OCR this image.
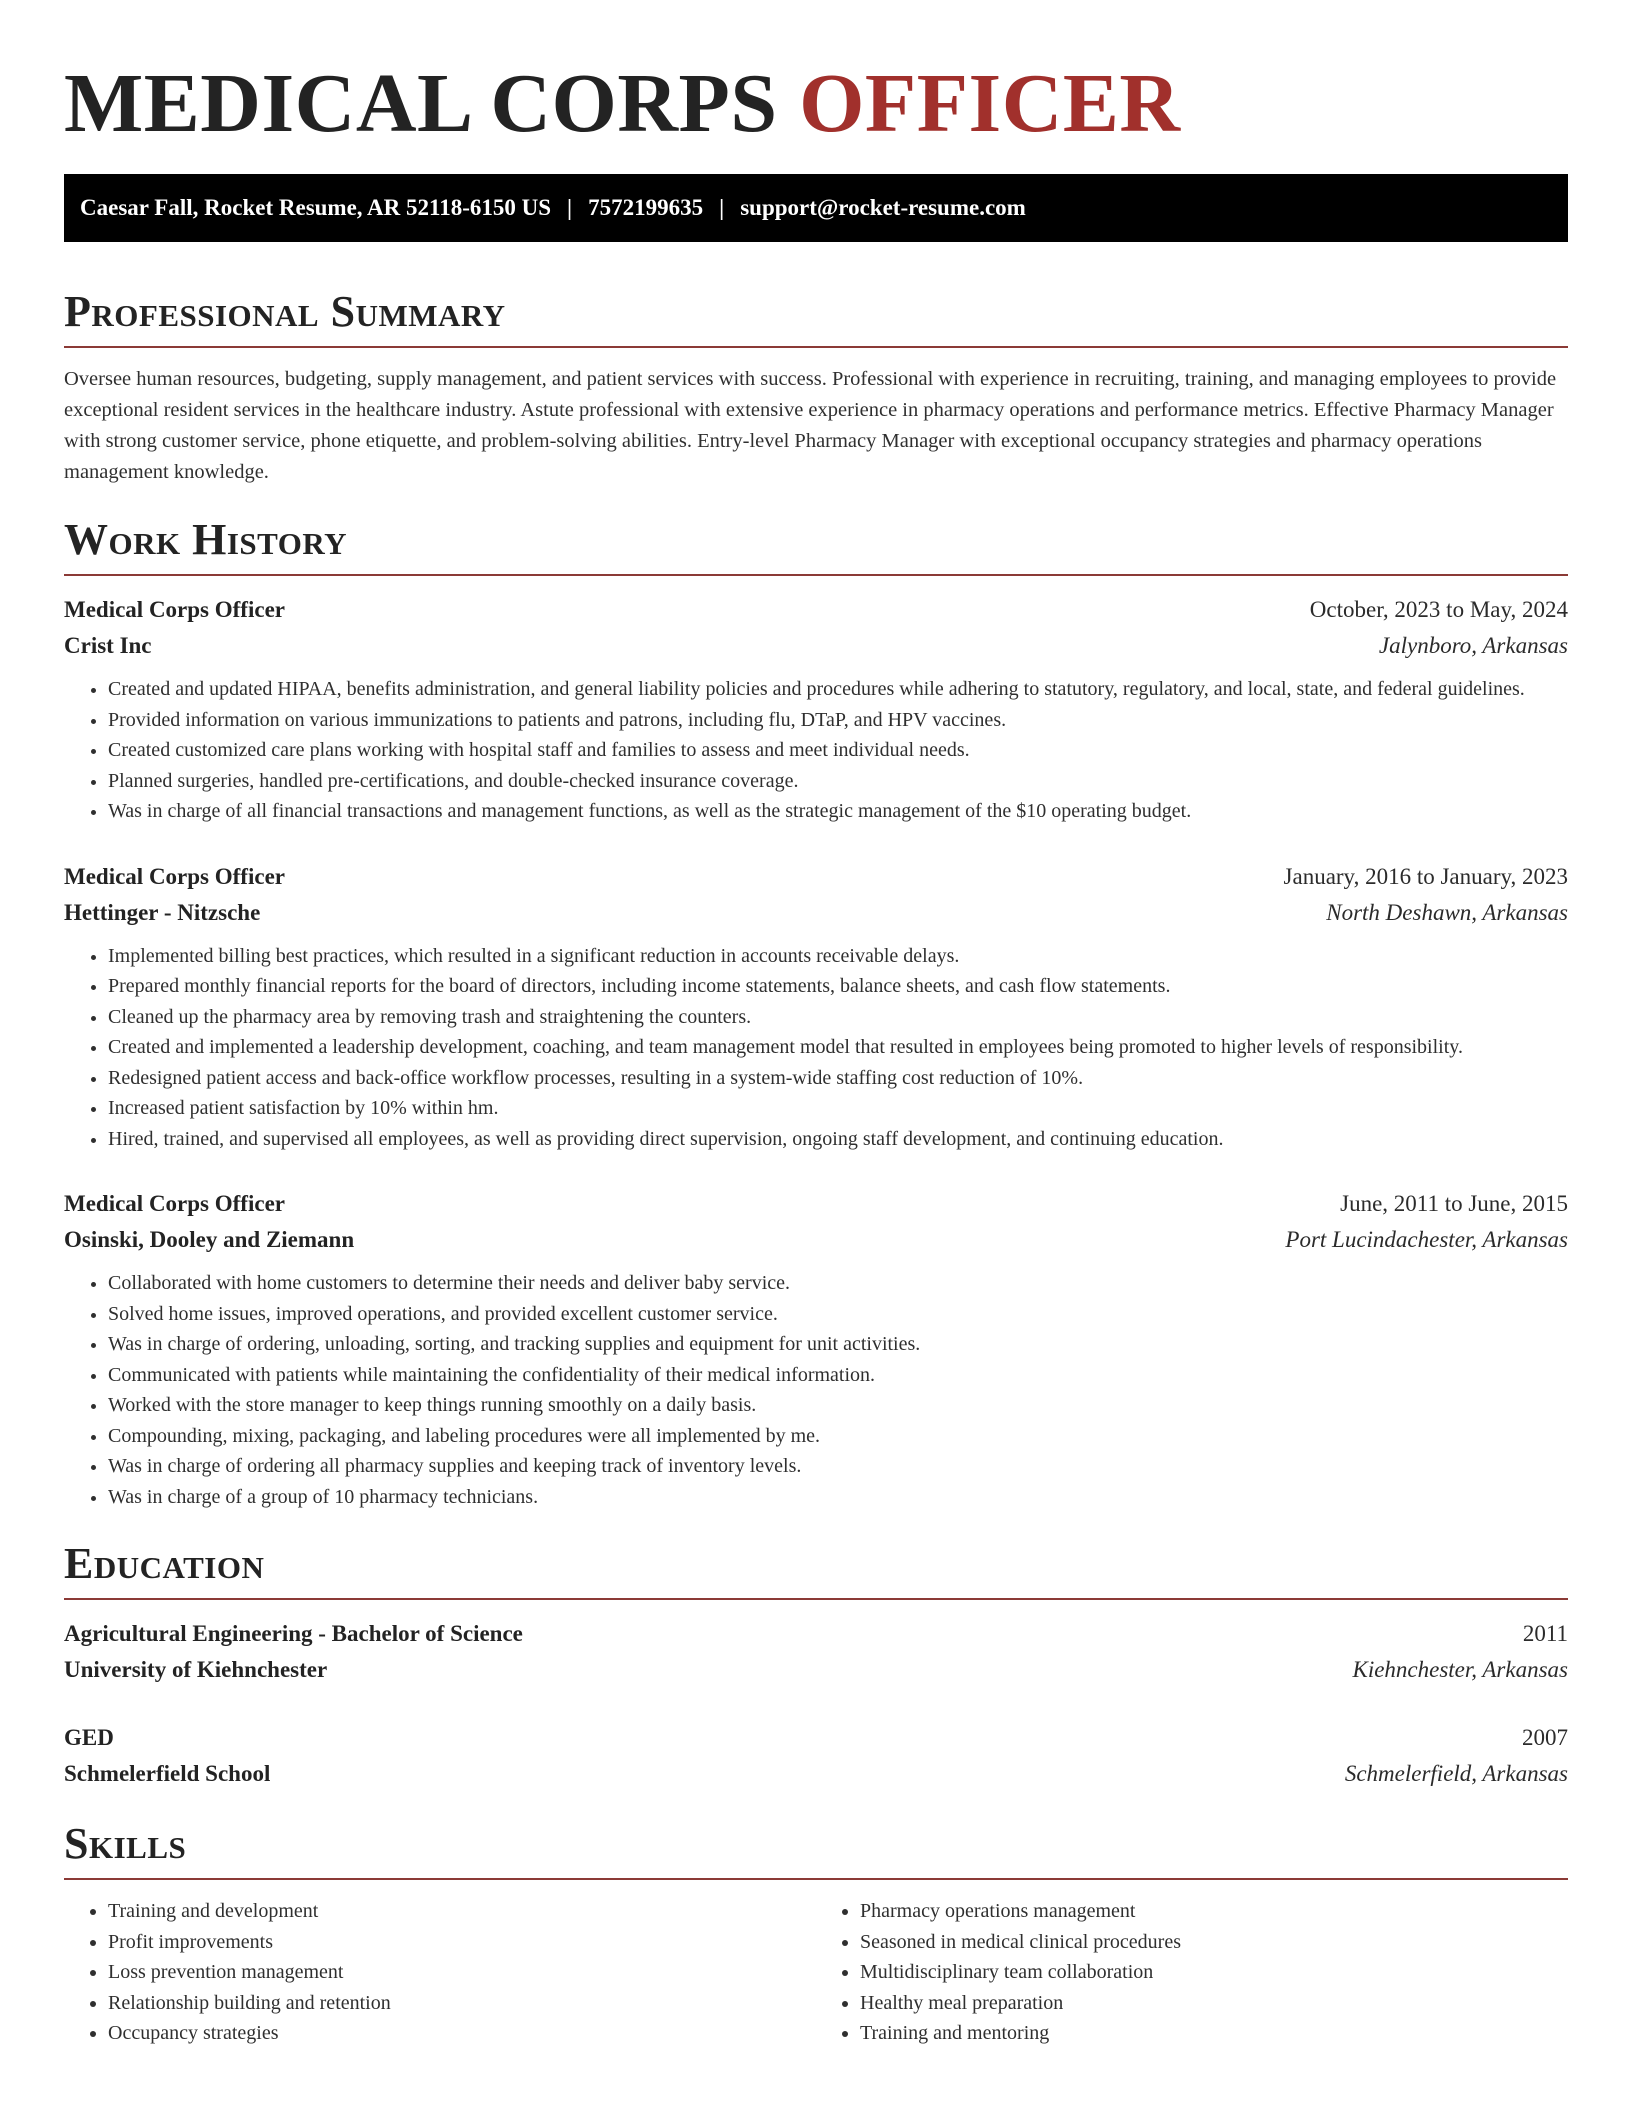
MEDICAL CORPS OFFICER
Caesar Fall, Rocket Resume, AR 52118-6150 US | 7572199635 | support@rocket-resume.com
Professional Summary

Oversee human resources, budgeting, supply management, and patient services with success. Professional with experience in recruiting, training, and managing employees to provide exceptional resident services in the healthcare industry. Astute professional with extensive experience in pharmacy operations and performance metrics. Effective Pharmacy Manager with strong customer service, phone etiquette, and problem-solving abilities. Entry-level Pharmacy Manager with exceptional occupancy strategies and pharmacy operations management knowledge.

Work History
Medical Corps Officer	October, 2023 to May, 2024
Crist Inc	Jalynboro, Arkansas
• Created and updated HIPAA, benefits administration, and general liability policies and procedures while adhering to statutory, regulatory, and local, state, and federal guidelines.
• Provided information on various immunizations to patients and patrons, including flu, DTaP, and HPV vaccines.
• Created customized care plans working with hospital staff and families to assess and meet individual needs.
• Planned surgeries, handled pre-certifications, and double-checked insurance coverage.
• Was in charge of all financial transactions and management functions, as well as the strategic management of the $10 operating budget.
Medical Corps Officer	January, 2016 to January, 2023
Hettinger - Nitzsche	North Deshawn, Arkansas
• Implemented billing best practices, which resulted in a significant reduction in accounts receivable delays.
• Prepared monthly financial reports for the board of directors, including income statements, balance sheets, and cash flow statements.
• Cleaned up the pharmacy area by removing trash and straightening the counters.
• Created and implemented a leadership development, coaching, and team management model that resulted in employees being promoted to higher levels of responsibility.
• Redesigned patient access and back-office workflow processes, resulting in a system-wide staffing cost reduction of 10%.
• Increased patient satisfaction by 10% within hm.
• Hired, trained, and supervised all employees, as well as providing direct supervision, ongoing staff development, and continuing education.
Medical Corps Officer	June, 2011 to June, 2015
Osinski, Dooley and Ziemann	Port Lucindachester, Arkansas
• Collaborated with home customers to determine their needs and deliver baby service.
• Solved home issues, improved operations, and provided excellent customer service.
• Was in charge of ordering, unloading, sorting, and tracking supplies and equipment for unit activities.
• Communicated with patients while maintaining the confidentiality of their medical information.
• Worked with the store manager to keep things running smoothly on a daily basis.
• Compounding, mixing, packaging, and labeling procedures were all implemented by me.
• Was in charge of ordering all pharmacy supplies and keeping track of inventory levels.
• Was in charge of a group of 10 pharmacy technicians.
Education
Agricultural Engineering - Bachelor of Science	2011
University of Kiehnchester	Kiehnchester, Arkansas
GED	2007
Schmelerfield School	Schmelerfield, Arkansas
Skills
• Training and development
• Profit improvements
• Loss prevention management
• Relationship building and retention
• Occupancy strategies
• Pharmacy operations management
• Seasoned in medical clinical procedures
• Multidisciplinary team collaboration
• Healthy meal preparation
• Training and mentoring
